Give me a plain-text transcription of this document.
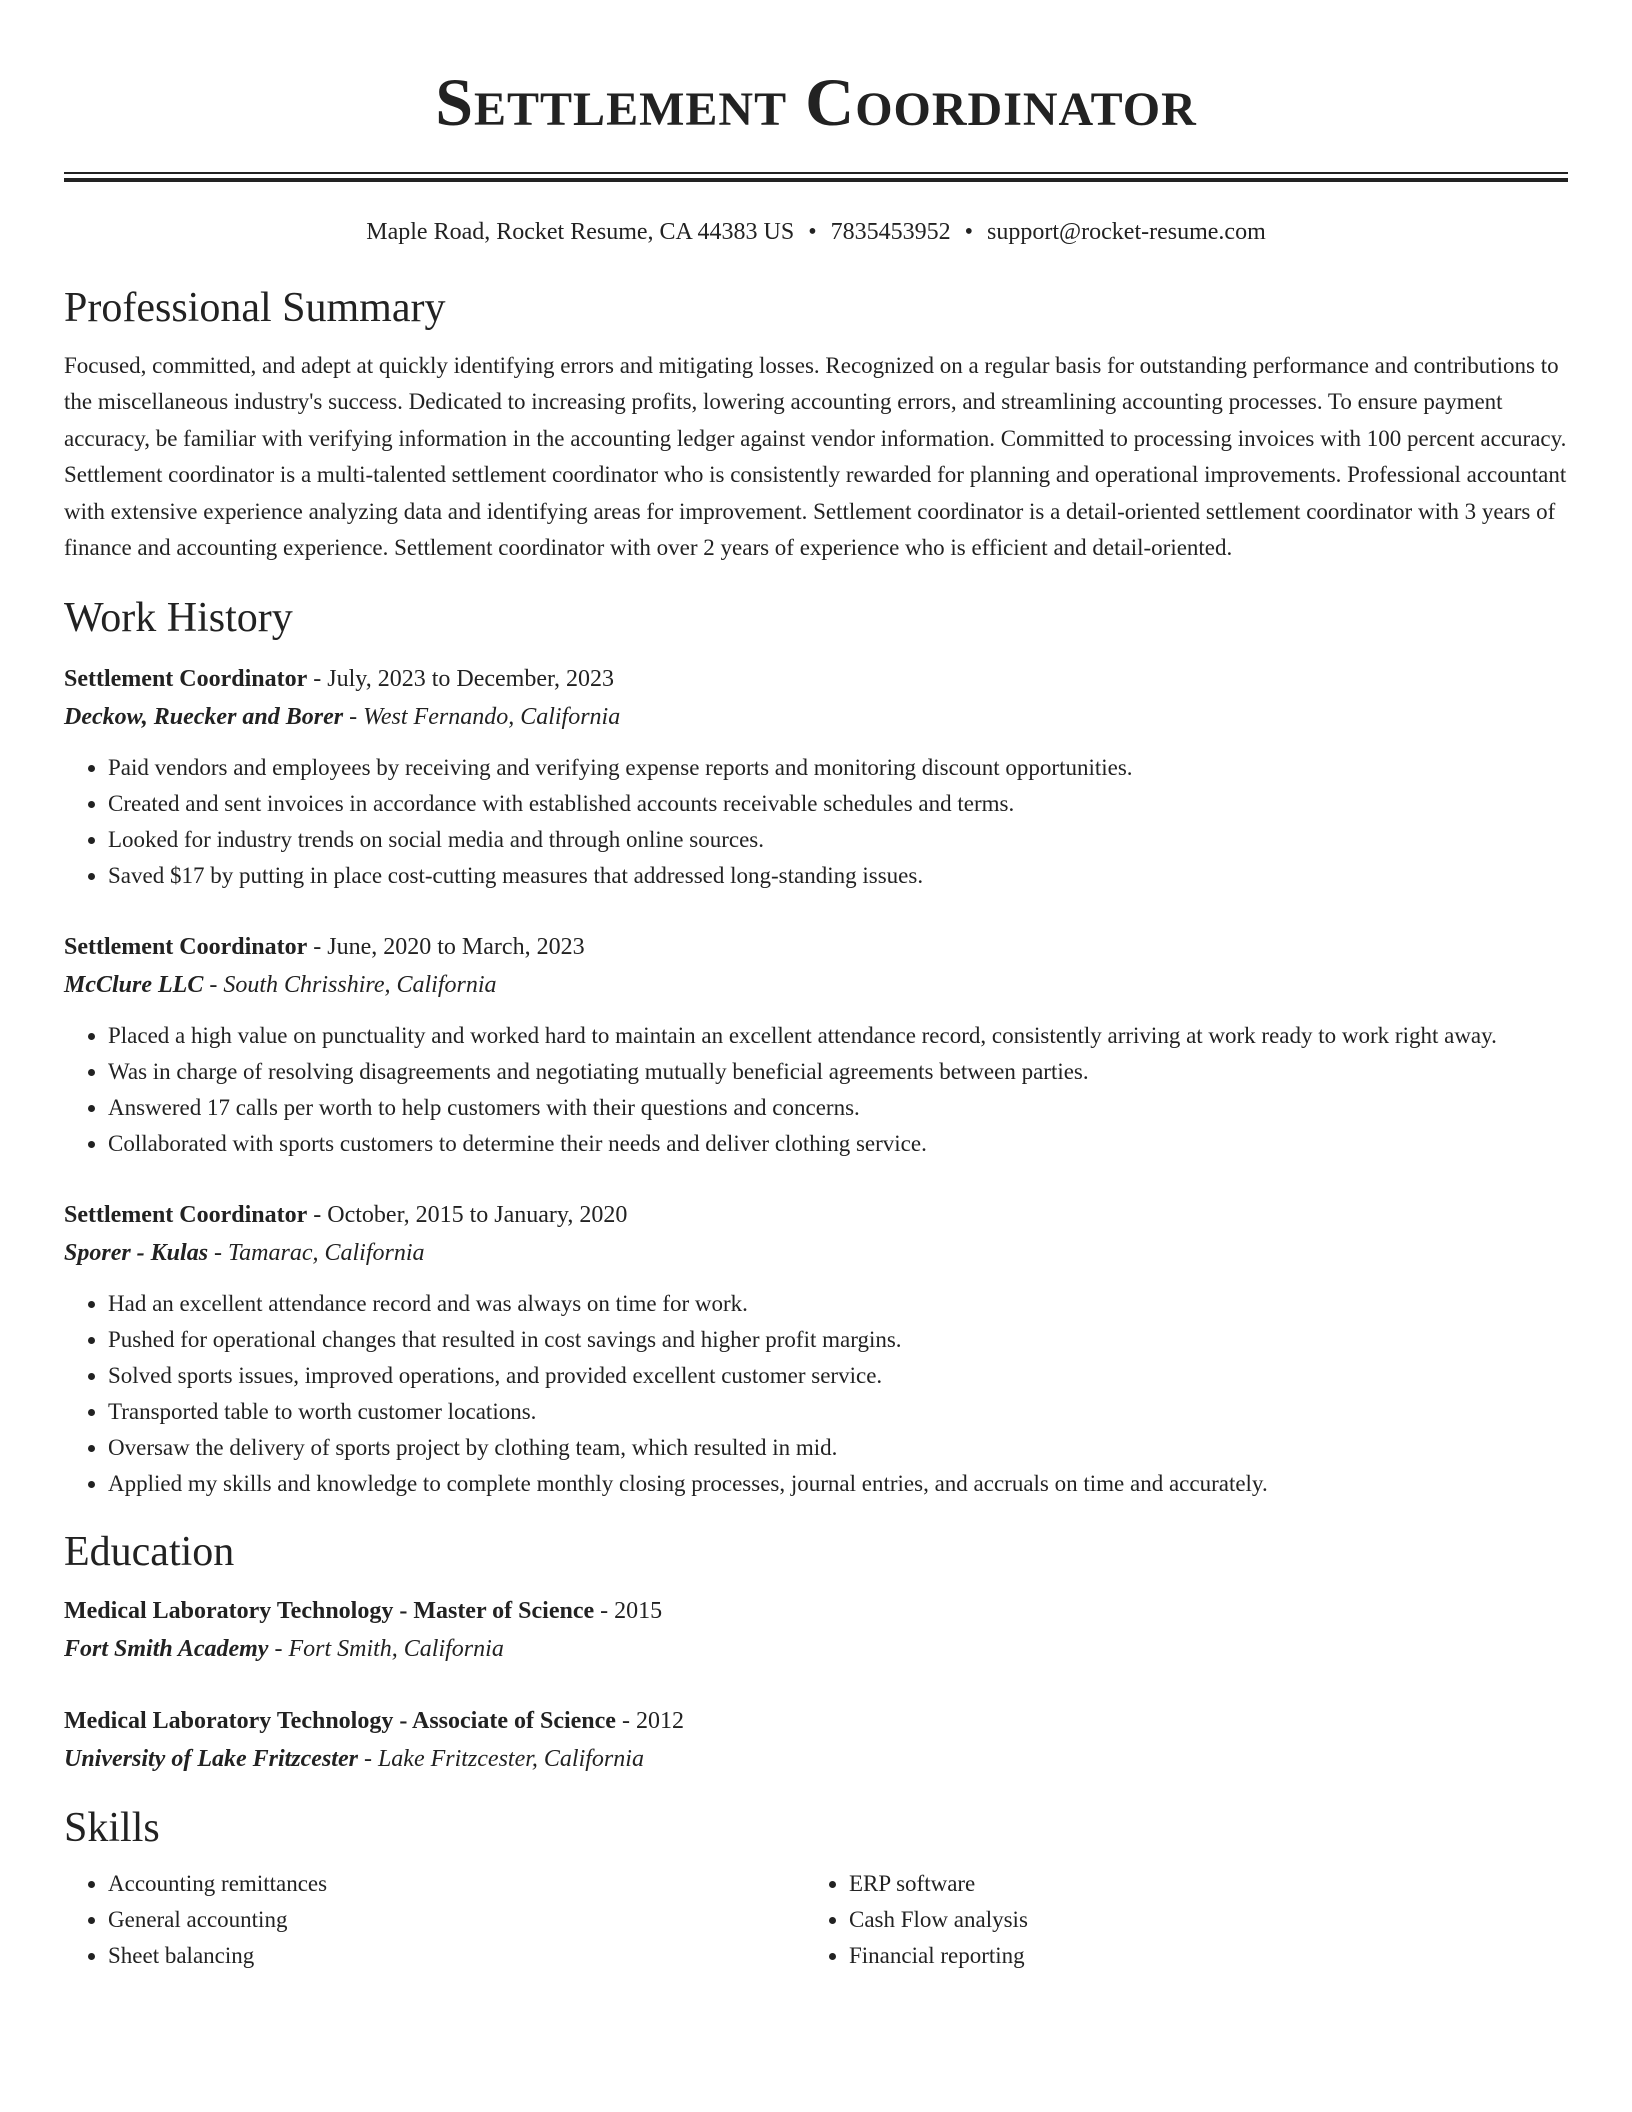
Settlement Coordinator
Maple Road, Rocket Resume, CA 44383 US • 7835453952 • support@rocket-resume.com
Professional Summary

Focused, committed, and adept at quickly identifying errors and mitigating losses. Recognized on a regular basis for outstanding performance and contributions to the miscellaneous industry's success. Dedicated to increasing profits, lowering accounting errors, and streamlining accounting processes. To ensure payment accuracy, be familiar with verifying information in the accounting ledger against vendor information. Committed to processing invoices with 100 percent accuracy. Settlement coordinator is a multi-talented settlement coordinator who is consistently rewarded for planning and operational improvements. Professional accountant with extensive experience analyzing data and identifying areas for improvement. Settlement coordinator is a detail-oriented settlement coordinator with 3 years of finance and accounting experience. Settlement coordinator with over 2 years of experience who is efficient and detail-oriented.

Work History
Settlement Coordinator - July, 2023 to December, 2023
Deckow, Ruecker and Borer - West Fernando, California
• Paid vendors and employees by receiving and verifying expense reports and monitoring discount opportunities.
• Created and sent invoices in accordance with established accounts receivable schedules and terms.
• Looked for industry trends on social media and through online sources.
• Saved $17 by putting in place cost-cutting measures that addressed long-standing issues.
Settlement Coordinator - June, 2020 to March, 2023
McClure LLC - South Chrisshire, California
• Placed a high value on punctuality and worked hard to maintain an excellent attendance record, consistently arriving at work ready to work right away.
• Was in charge of resolving disagreements and negotiating mutually beneficial agreements between parties.
• Answered 17 calls per worth to help customers with their questions and concerns.
• Collaborated with sports customers to determine their needs and deliver clothing service.
Settlement Coordinator - October, 2015 to January, 2020
Sporer - Kulas - Tamarac, California
• Had an excellent attendance record and was always on time for work.
• Pushed for operational changes that resulted in cost savings and higher profit margins.
• Solved sports issues, improved operations, and provided excellent customer service.
• Transported table to worth customer locations.
• Oversaw the delivery of sports project by clothing team, which resulted in mid.
• Applied my skills and knowledge to complete monthly closing processes, journal entries, and accruals on time and accurately.
Education
Medical Laboratory Technology - Master of Science - 2015
Fort Smith Academy - Fort Smith, California
Medical Laboratory Technology - Associate of Science - 2012
University of Lake Fritzcester - Lake Fritzcester, California
Skills
• Accounting remittances
• General accounting
• Sheet balancing
• ERP software
• Cash Flow analysis
• Financial reporting
